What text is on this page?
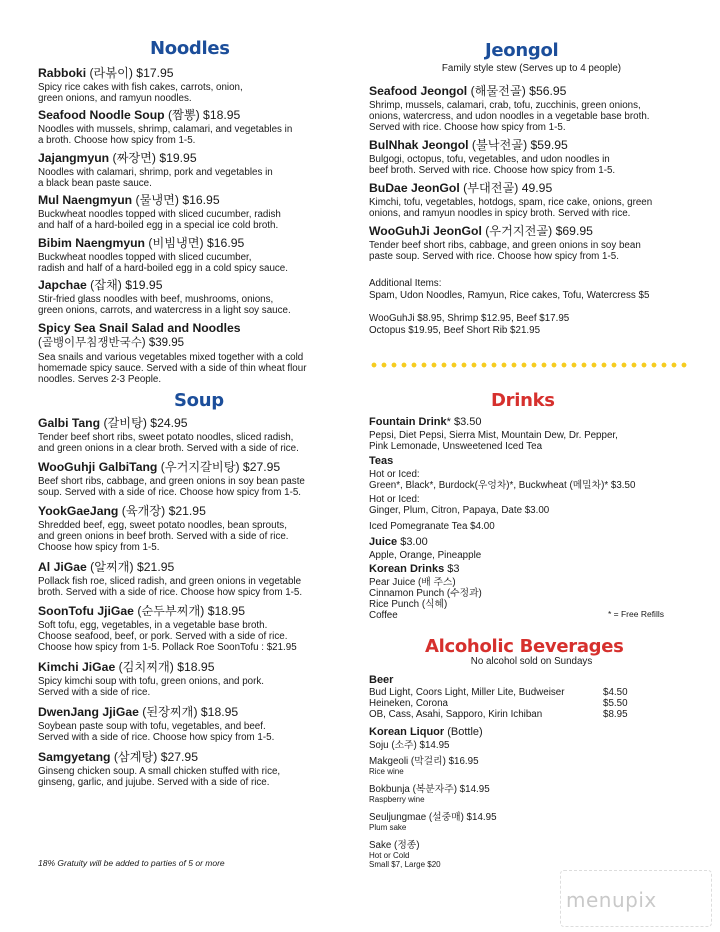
Noodles
Rabboki (라볶이) $17.95
Spicy rice cakes with fish cakes, carrots, onion,
green onions, and ramyun noodles.
Seafood Noodle Soup (짬뽕) $18.95
Noodles with mussels, shrimp, calamari, and vegetables in
a broth. Choose how spicy from 1-5.
Jajangmyun (짜장면) $19.95
Noodles with calamari, shrimp, pork and vegetables in
a black bean paste sauce.
Mul Naengmyun (물냉면) $16.95
Buckwheat noodles topped with sliced cucumber, radish
and half of a hard-boiled egg in a special ice cold broth.
Bibim Naengmyun (비빔냉면) $16.95
Buckwheat noodles topped with sliced cucumber,
radish and half of a hard-boiled egg in a cold spicy sauce.
Japchae (잡채) $19.95
Stir-fried glass noodles with beef, mushrooms, onions,
green onions, carrots, and watercress in a light soy sauce.
Spicy Sea Snail Salad and Noodles
(골뱅이무침쟁반국수) $39.95
Sea snails and various vegetables mixed together with a cold
homemade spicy sauce. Served with a side of thin wheat flour
noodles. Serves 2-3 People.
Soup
Galbi Tang (갈비탕) $24.95
Tender beef short ribs, sweet potato noodles, sliced radish,
and green onions in a clear broth. Served with a side of rice.
WooGuhji GalbiTang (우거지갈비탕) $27.95
Beef short ribs, cabbage, and green onions in soy bean paste
soup. Served with a side of rice. Choose how spicy from 1-5.
YookGaeJang (육개장) $21.95
Shredded beef, egg, sweet potato noodles, bean sprouts,
and green onions in beef broth. Served with a side of rice.
Choose how spicy from 1-5.
Al JiGae (알찌개) $21.95
Pollack fish roe, sliced radish, and green onions in vegetable
broth. Served with a side of rice. Choose how spicy from 1-5.
SoonTofu JjiGae (순두부찌개) $18.95
Soft tofu, egg, vegetables, in a vegetable base broth.
Choose seafood, beef, or pork. Served with a side of rice.
Choose how spicy from 1-5. Pollack Roe SoonTofu : $21.95
Kimchi JiGae (김치찌개) $18.95
Spicy kimchi soup with tofu, green onions, and pork.
Served with a side of rice.
DwenJang JjiGae (된장찌개) $18.95
Soybean paste soup with tofu, vegetables, and beef.
Served with a side of rice. Choose how spicy from 1-5.
Samgyetang (삼계탕) $27.95
Ginseng chicken soup. A small chicken stuffed with rice,
ginseng, garlic, and jujube. Served with a side of rice.
18% Gratuity will be added to parties of 5 or more
Jeongol
Family style stew (Serves up to 4 people)
Seafood Jeongol (해물전골) $56.95
Shrimp, mussels, calamari, crab, tofu, zucchinis, green onions,
onions, watercress, and udon noodles in a vegetable base broth.
Served with rice. Choose how spicy from 1-5.
BulNhak Jeongol (불낙전골) $59.95
Bulgogi, octopus, tofu, vegetables, and udon noodles in
beef broth. Served with rice. Choose how spicy from 1-5.
BuDae JeonGol (부대전골) 49.95
Kimchi, tofu, vegetables, hotdogs, spam, rice cake, onions, green
onions, and ramyun noodles in spicy broth. Served with rice.
WooGuhJi JeonGol (우거지전골) $69.95
Tender beef short ribs, cabbage, and green onions in soy bean
paste soup. Served with rice. Choose how spicy from 1-5.
Additional Items:
Spam, Udon Noodles, Ramyun, Rice cakes, Tofu, Watercress $5
WooGuhJi $8.95, Shrimp $12.95, Beef $17.95
Octopus $19.95, Beef Short Rib $21.95
Drinks
Fountain Drink* $3.50
Pepsi, Diet Pepsi, Sierra Mist, Mountain Dew, Dr. Pepper,
Pink Lemonade, Unsweetened Iced Tea
Teas
Hot or Iced:
Green*, Black*, Burdock(우엉차)*, Buckwheat (메밀차)* $3.50
Hot or Iced:
Ginger, Plum, Citron, Papaya, Date $3.00
Iced Pomegranate Tea $4.00
Juice $3.00
Apple, Orange, Pineapple
Korean Drinks $3
Pear Juice (배 주스)
Cinnamon Punch (수정과)
Rice Punch (식혜)
Coffee	* = Free Refills
Alcoholic Beverages
No alcohol sold on Sundays
Beer
Bud Light, Coors Light, Miller Lite, Budweiser	$4.50
Heineken, Corona	$5.50
OB, Cass, Asahi, Sapporo, Kirin Ichiban	$8.95
Korean Liquor (Bottle)
Soju (소주) $14.95
Makgeoli (막걸리) $16.95
Rice wine
Bokbunja (복분자주) $14.95
Raspberry wine
Seuljungmae (설중매) $14.95
Plum sake
Sake (정종)
Hot or Cold
Small $7, Large $20
menupix
